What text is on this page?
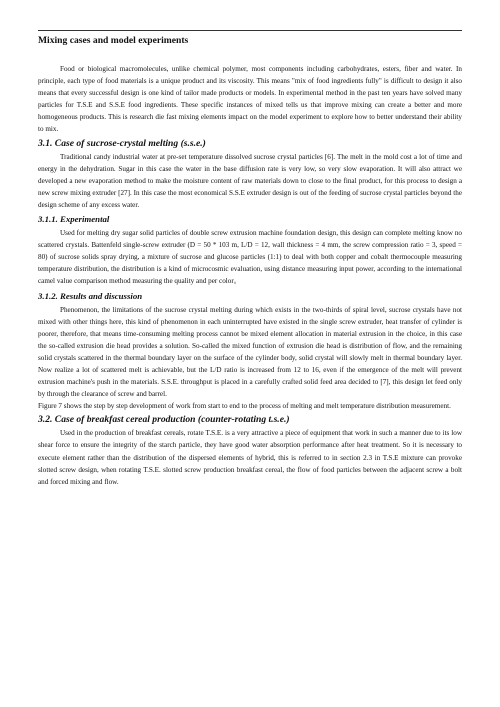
Mixing cases and model experiments

Food or biological macromolecules, unlike chemical polymer, most components including carbohydrates, esters, fiber and water. In principle, each type of food materials is a unique product and its viscosity. This means "mix of food ingredients fully" is difficult to design it also means that every successful design is one kind of tailor made products or models. In experimental method in the past ten years have solved many particles for T.S.E and S.S.E food ingredients. These specific instances of mixed tells us that improve mixing can create a better and more homogeneous products. This is research die fast mixing elements impact on the model experiment to explore how to better understand their ability to mix.

3.1. Case of sucrose-crystal melting (s.s.e.)

Traditional candy industrial water at pre-set temperature dissolved sucrose crystal particles [6]. The melt in the mold cost a lot of time and energy in the dehydration. Sugar in this case the water in the base diffusion rate is very low, so very slow evaporation. It will also attract we developed a new evaporation method to make the moisture content of raw materials down to close to the final product, for this process to design a new screw mixing extruder [27]. In this case the most economical S.S.E extruder design is out of the feeding of sucrose crystal particles beyond the design scheme of any excess water.

3.1.1. Experimental

Used for melting dry sugar solid particles of double screw extrusion machine foundation design, this design can complete melting know no scattered crystals. Battenfeld single-screw extruder (D = 50 * 103 m, L/D = 12, wall thickness = 4 mm, the screw compression ratio = 3, speed = 80) of sucrose solids spray drying, a mixture of sucrose and glucose particles (1:1) to deal with both copper and cobalt thermocouple measuring temperature distribution, the distribution is a kind of microcosmic evaluation, using distance measuring input power, according to the international camel value comparison method measuring the quality and per color。

3.1.2. Results and discussion

Phenomenon, the limitations of the sucrose crystal melting during which exists in the two-thirds of spiral level, sucrose crystals have not mixed with other things here, this kind of phenomenon in each uninterrupted have existed in the single screw extruder, heat transfer of cylinder is poorer, therefore, that means time-consuming melting process cannot be mixed element allocation in material extrusion in the choice, in this case the so-called extrusion die head provides a solution. So-called the mixed function of extrusion die head is distribution of flow, and the remaining solid crystals scattered in the thermal boundary layer on the surface of the cylinder body, solid crystal will slowly melt in thermal boundary layer. Now realize a lot of scattered melt is achievable, but the L/D ratio is increased from 12 to 16, even if the emergence of the melt will prevent extrusion machine's push in the materials. S.S.E. throughput is placed in a carefully crafted solid feed area decided to [7], this design let feed only by through the clearance of screw and barrel.

Figure 7 shows the step by step development of work from start to end to the process of melting and melt temperature distribution measurement.

3.2. Case of breakfast cereal production (counter-rotating t.s.e.)

Used in the production of breakfast cereals, rotate T.S.E. is a very attractive a piece of equipment that work in such a manner due to its low shear force to ensure the integrity of the starch particle, they have good water absorption performance after heat treatment. So it is necessary to execute element rather than the distribution of the dispersed elements of hybrid, this is referred to in section 2.3 in T.S.E mixture can provoke slotted screw design, when rotating T.S.E. slotted screw production breakfast cereal, the flow of food particles between the adjacent screw a bolt and forced mixing and flow.
